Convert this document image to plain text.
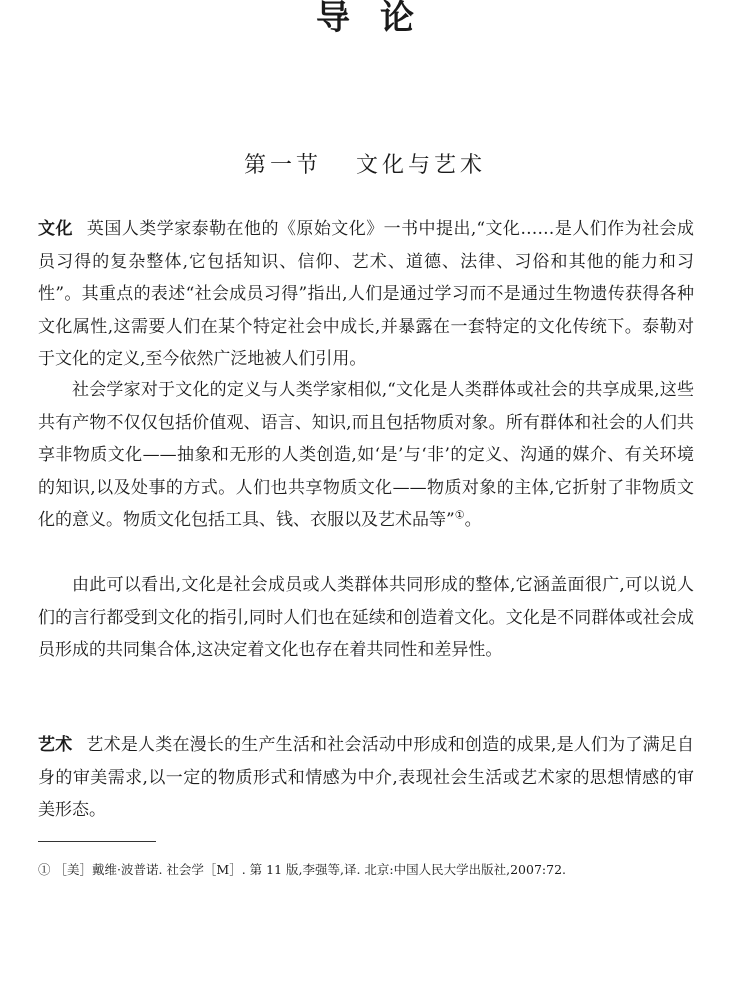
导论
第一节 文化与艺术

文化 英国人类学家泰勒在他的《原始文化》一书中提出,“文化……是人们作为社会成员习得的复杂整体,它包括知识、信仰、艺术、道德、法律、习俗和其他的能力和习性”。其重点的表述“社会成员习得”指出,人们是通过学习而不是通过生物遗传获得各种文化属性,这需要人们在某个特定社会中成长,并暴露在一套特定的文化传统下。泰勒对于文化的定义,至今依然广泛地被人们引用。

社会学家对于文化的定义与人类学家相似,“文化是人类群体或社会的共享成果,这些共有产物不仅仅包括价值观、语言、知识,而且包括物质对象。所有群体和社会的人们共享非物质文化——抽象和无形的人类创造,如‘是’与‘非’的定义、沟通的媒介、有关环境的知识,以及处事的方式。人们也共享物质文化——物质对象的主体,它折射了非物质文化的意义。物质文化包括工具、钱、衣服以及艺术品等”①。

由此可以看出,文化是社会成员或人类群体共同形成的整体,它涵盖面很广,可以说人们的言行都受到文化的指引,同时人们也在延续和创造着文化。文化是不同群体或社会成员形成的共同集合体,这决定着文化也存在着共同性和差异性。

艺术 艺术是人类在漫长的生产生活和社会活动中形成和创造的成果,是人们为了满足自身的审美需求,以一定的物质形式和情感为中介,表现社会生活或艺术家的思想情感的审美形态。

① ［美］戴维·波普诺. 社会学［M］. 第 11 版,李强等,译. 北京:中国人民大学出版社,2007:72.
